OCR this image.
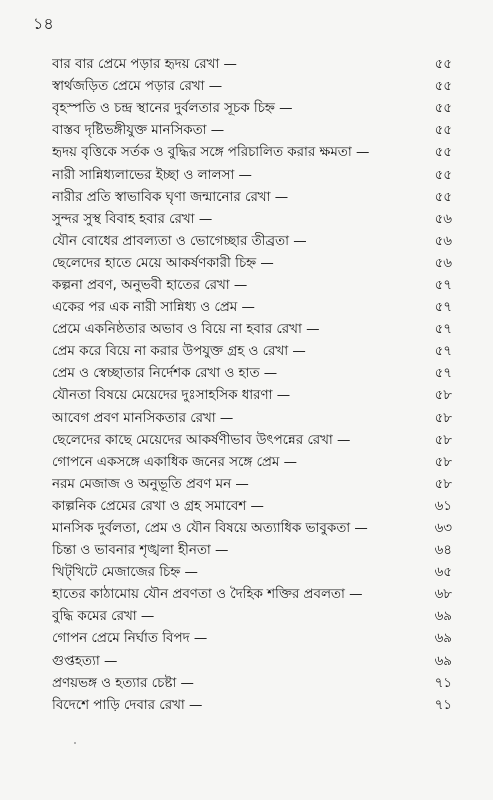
১৪
বার বার প্রেমে পড়ার হৃদয় রেখা —	৫৫
স্বার্থজড়িত প্রেমে পড়ার রেখা —	৫৫
বৃহস্পতি ও চন্দ্র স্থানের দুর্বলতার সূচক চিহ্ন —	৫৫
বাস্তব দৃষ্টিভঙ্গীযুক্ত মানসিকতা —	৫৫
হৃদয় বৃত্তিকে সর্তক ও বুদ্ধির সঙ্গে পরিচালিত করার ক্ষমতা —	৫৫
নারী সান্নিধ্যলাভের ইচ্ছা ও লালসা —	৫৫
নারীর প্রতি স্বাভাবিক ঘৃণা জন্মানোর রেখা —	৫৫
সুন্দর সুস্থ বিবাহ হবার রেখা —	৫৬
যৌন বোধের প্রাবল্যতা ও ভোগেচ্ছার তীব্রতা —	৫৬
ছেলেদের হাতে মেয়ে আকর্ষণকারী চিহ্ন —	৫৬
কল্পনা প্রবণ, অনুভবী হাতের রেখা —	৫৭
একের পর এক নারী সান্নিধ্য ও প্রেম —	৫৭
প্রেমে একনিষ্ঠতার অভাব ও বিয়ে না হবার রেখা —	৫৭
প্রেম করে বিয়ে না করার উপযুক্ত গ্রহ ও রেখা —	৫৭
প্রেম ও স্বেচ্ছাতার নির্দেশক রেখা ও হাত —	৫৭
যৌনতা বিষয়ে মেয়েদের দুঃসাহসিক ধারণা —	৫৮
আবেগ প্রবণ মানসিকতার রেখা —	৫৮
ছেলেদের কাছে মেয়েদের আকর্ষণীভাব উৎপন্নের রেখা —	৫৮
গোপনে একসঙ্গে একাধিক জনের সঙ্গে প্রেম —	৫৮
নরম মেজাজ ও অনুভূতি প্রবণ মন —	৫৮
কাল্পনিক প্রেমের রেখা ও গ্রহ সমাবেশ —	৬১
মানসিক দুর্বলতা, প্রেম ও যৌন বিষয়ে অত্যাধিক ভাবুকতা —	৬৩
চিন্তা ও ভাবনার শৃঙ্খলা হীনতা —	৬৪
খিট্‌খিটে মেজাজের চিহ্ন —	৬৫
হাতের কাঠামোয় যৌন প্রবণতা ও দৈহিক শক্তির প্রবলতা —	৬৮
বুদ্ধি কমের রেখা —	৬৯
গোপন প্রেমে নির্ঘাত বিপদ —	৬৯
গুপ্তহত্যা —	৬৯
প্রণয়ভঙ্গ ও হত্যার চেষ্টা —	৭১
বিদেশে পাড়ি দেবার রেখা —	৭১
